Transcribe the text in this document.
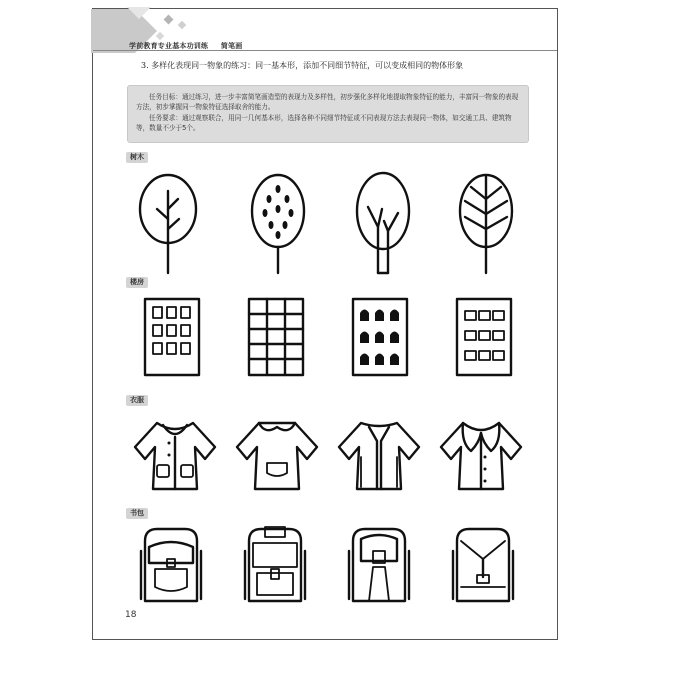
学前教育专业基本功训练 简笔画
3. 多样化表现同一物象的练习：同一基本形，添加不同细节特征，可以变成相同的物体形象

任务目标：通过练习，进一步丰富简笔画造型的表现力及多样性，初步强化多样化地提取物象特征的能力，丰富同一物象的表现方法，初步掌握同一物象特征选择取舍的能力。

任务要求：通过观察联合，用同一几何基本形，选择各种不同细节特征或不同表现方法去表现同一物体，如交通工具、建筑物等，数量不少于5个。

树木
楼房
衣服
书包
18
